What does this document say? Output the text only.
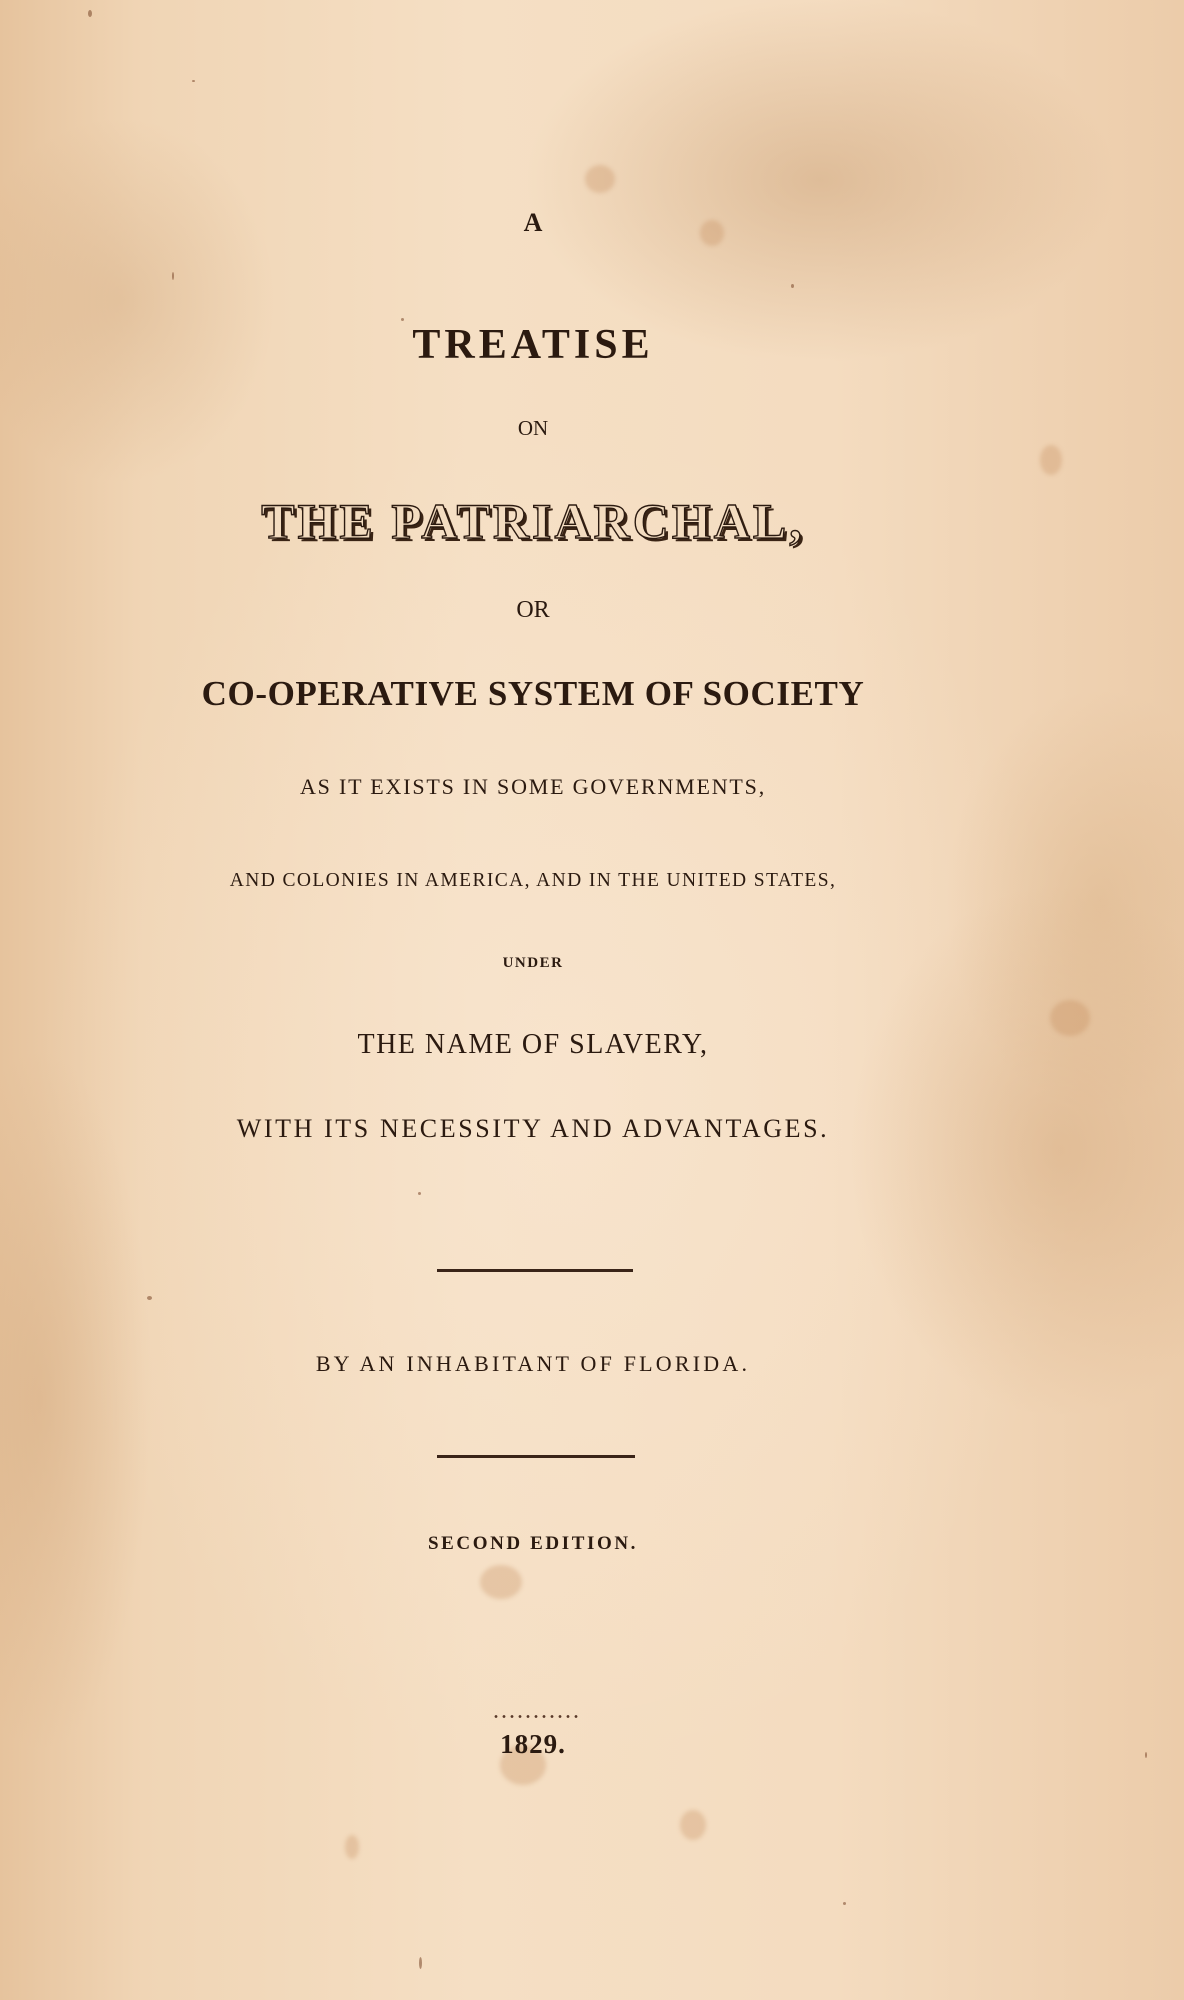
A
TREATISE
ON
THE PATRIARCHAL,
OR
CO-OPERATIVE SYSTEM OF SOCIETY
AS IT EXISTS IN SOME GOVERNMENTS,
AND COLONIES IN AMERICA, AND IN THE UNITED STATES,
UNDER
THE NAME OF SLAVERY,
WITH ITS NECESSITY AND ADVANTAGES.
BY AN INHABITANT OF FLORIDA.
SECOND EDITION.
1829.
